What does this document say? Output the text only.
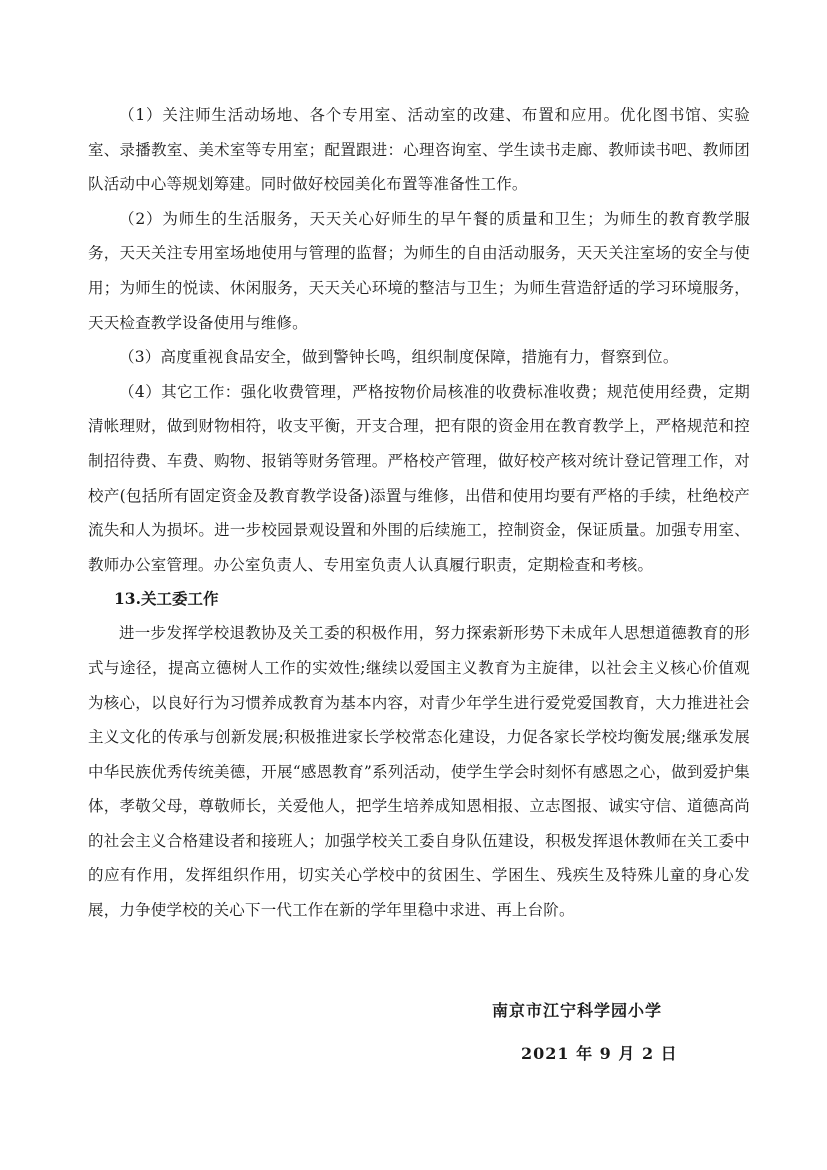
（1）关注师生活动场地、各个专用室、活动室的改建、布置和应用。优化图书馆、实验室、录播教室、美术室等专用室；配置跟进：心理咨询室、学生读书走廊、教师读书吧、教师团队活动中心等规划筹建。同时做好校园美化布置等准备性工作。

（2）为师生的生活服务，天天关心好师生的早午餐的质量和卫生；为师生的教育教学服务，天天关注专用室场地使用与管理的监督；为师生的自由活动服务，天天关注室场的安全与使用；为师生的悦读、休闲服务，天天关心环境的整洁与卫生；为师生营造舒适的学习环境服务，天天检查教学设备使用与维修。

（3）高度重视食品安全，做到警钟长鸣，组织制度保障，措施有力，督察到位。

（4）其它工作：强化收费管理，严格按物价局核准的收费标准收费；规范使用经费，定期清帐理财，做到财物相符，收支平衡，开支合理，把有限的资金用在教育教学上，严格规范和控制招待费、车费、购物、报销等财务管理。严格校产管理，做好校产核对统计登记管理工作，对校产(包括所有固定资金及教育教学设备)添置与维修，出借和使用均要有严格的手续，杜绝校产流失和人为损坏。进一步校园景观设置和外围的后续施工，控制资金，保证质量。加强专用室、教师办公室管理。办公室负责人、专用室负责人认真履行职责，定期检查和考核。

13.关工委工作

进一步发挥学校退教协及关工委的积极作用，努力探索新形势下未成年人思想道德教育的形式与途径，提高立德树人工作的实效性;继续以爱国主义教育为主旋律，以社会主义核心价值观为核心，以良好行为习惯养成教育为基本内容，对青少年学生进行爱党爱国教育，大力推进社会主义文化的传承与创新发展;积极推进家长学校常态化建设，力促各家长学校均衡发展;继承发展中华民族优秀传统美德，开展“感恩教育”系列活动，使学生学会时刻怀有感恩之心，做到爱护集体，孝敬父母，尊敬师长，关爱他人，把学生培养成知恩相报、立志图报、诚实守信、道德高尚的社会主义合格建设者和接班人；加强学校关工委自身队伍建设，积极发挥退休教师在关工委中的应有作用，发挥组织作用，切实关心学校中的贫困生、学困生、残疾生及特殊儿童的身心发展，力争使学校的关心下一代工作在新的学年里稳中求进、再上台阶。

南京市江宁科学园小学
2021 年 9 月 2 日
